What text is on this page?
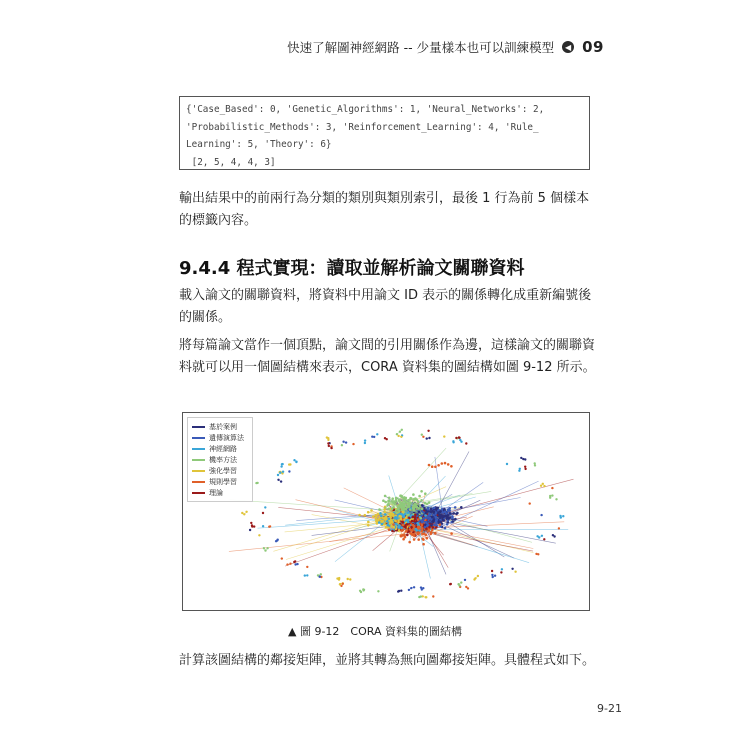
快速了解圖神經網路 -- 少量樣本也可以訓練模型	◀ 09
{'Case_Based': 0, 'Genetic_Algorithms': 1, 'Neural_Networks': 2,
'Probabilistic_Methods': 3, 'Reinforcement_Learning': 4, 'Rule_
Learning': 5, 'Theory': 6}
[2, 5, 4, 4, 3]
輸出結果中的前兩行為分類的類別與類別索引，最後 1 行為前 5 個樣本的標籤內容。
9.4.4 程式實現：讀取並解析論文關聯資料
載入論文的關聯資料，將資料中用論文 ID 表示的關係轉化成重新編號後的關係。
將每篇論文當作一個頂點，論文間的引用關係作為邊，這樣論文的關聯資料就可以用一個圖結構來表示，CORA 資料集的圖結構如圖 9-12 所示。
基於案例
遺傳演算法
神經網路
機率方法
強化學習
規則學習
理論
▲ 圖 9-12　CORA 資料集的圖結構
計算該圖結構的鄰接矩陣，並將其轉為無向圖鄰接矩陣。具體程式如下。
9-21
